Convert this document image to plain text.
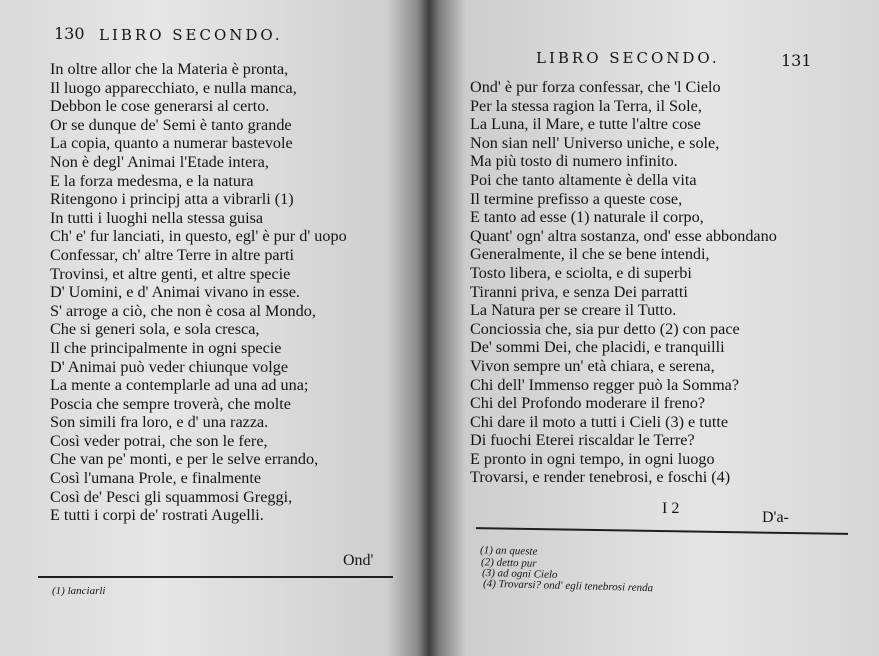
130 LIBRO SECONDO.
In oltre allor che la Materia è pronta,
Il luogo apparecchiato, e nulla manca,
Debbon le cose generarsi al certo.
Or se dunque de' Semi è tanto grande
La copia, quanto a numerar bastevole
Non è degl' Animai l'Etade intera,
E la forza medesma, e la natura
Ritengono i principj atta a vibrarli (1)
In tutti i luoghi nella stessa guisa
Ch' e' fur lanciati, in questo, egl' è pur d' uopo
Confessar, ch' altre Terre in altre parti
Trovinsi, et altre genti, et altre specie
D' Uomini, e d' Animai vivano in esse.
S' arroge a ciò, che non è cosa al Mondo,
Che si generi sola, e sola cresca,
Il che principalmente in ogni specie
D' Animai può veder chiunque volge
La mente a contemplarle ad una ad una;
Poscia che sempre troverà, che molte
Son simili fra loro, e d' una razza.
Così veder potrai, che son le fere,
Che van pe' monti, e per le selve errando,
Così l'umana Prole, e finalmente
Così de' Pesci gli squammosi Greggi,
E tutti i corpi de' rostrati Augelli.
Ond'
(1) lanciarli
LIBRO SECONDO.	131
Ond' è pur forza confessar, che 'l Cielo
Per la stessa ragion la Terra, il Sole,
La Luna, il Mare, e tutte l'altre cose
Non sian nell' Universo uniche, e sole,
Ma più tosto di numero infinito.
Poi che tanto altamente è della vita
Il termine prefisso a queste cose,
E tanto ad esse (1) naturale il corpo,
Quant' ogn' altra sostanza, ond' esse abbondano
Generalmente, il che se bene intendi,
Tosto libera, e sciolta, e di superbi
Tiranni priva, e senza Dei parratti
La Natura per se creare il Tutto.
Conciossia che, sia pur detto (2) con pace
De' sommi Dei, che placidi, e tranquilli
Vivon sempre un' età chiara, e serena,
Chi dell' Immenso regger può la Somma?
Chi del Profondo moderare il freno?
Chi dare il moto a tutti i Cieli (3) e tutte
Di fuochi Eterei riscaldar le Terre?
E pronto in ogni tempo, in ogni luogo
Trovarsi, e render tenebrosi, e foschi (4)
I 2
D'a-
(1) an queste
(2) detto pur
(3) ad ogni Cielo
(4) Trovarsi? ond' egli tenebrosi renda
